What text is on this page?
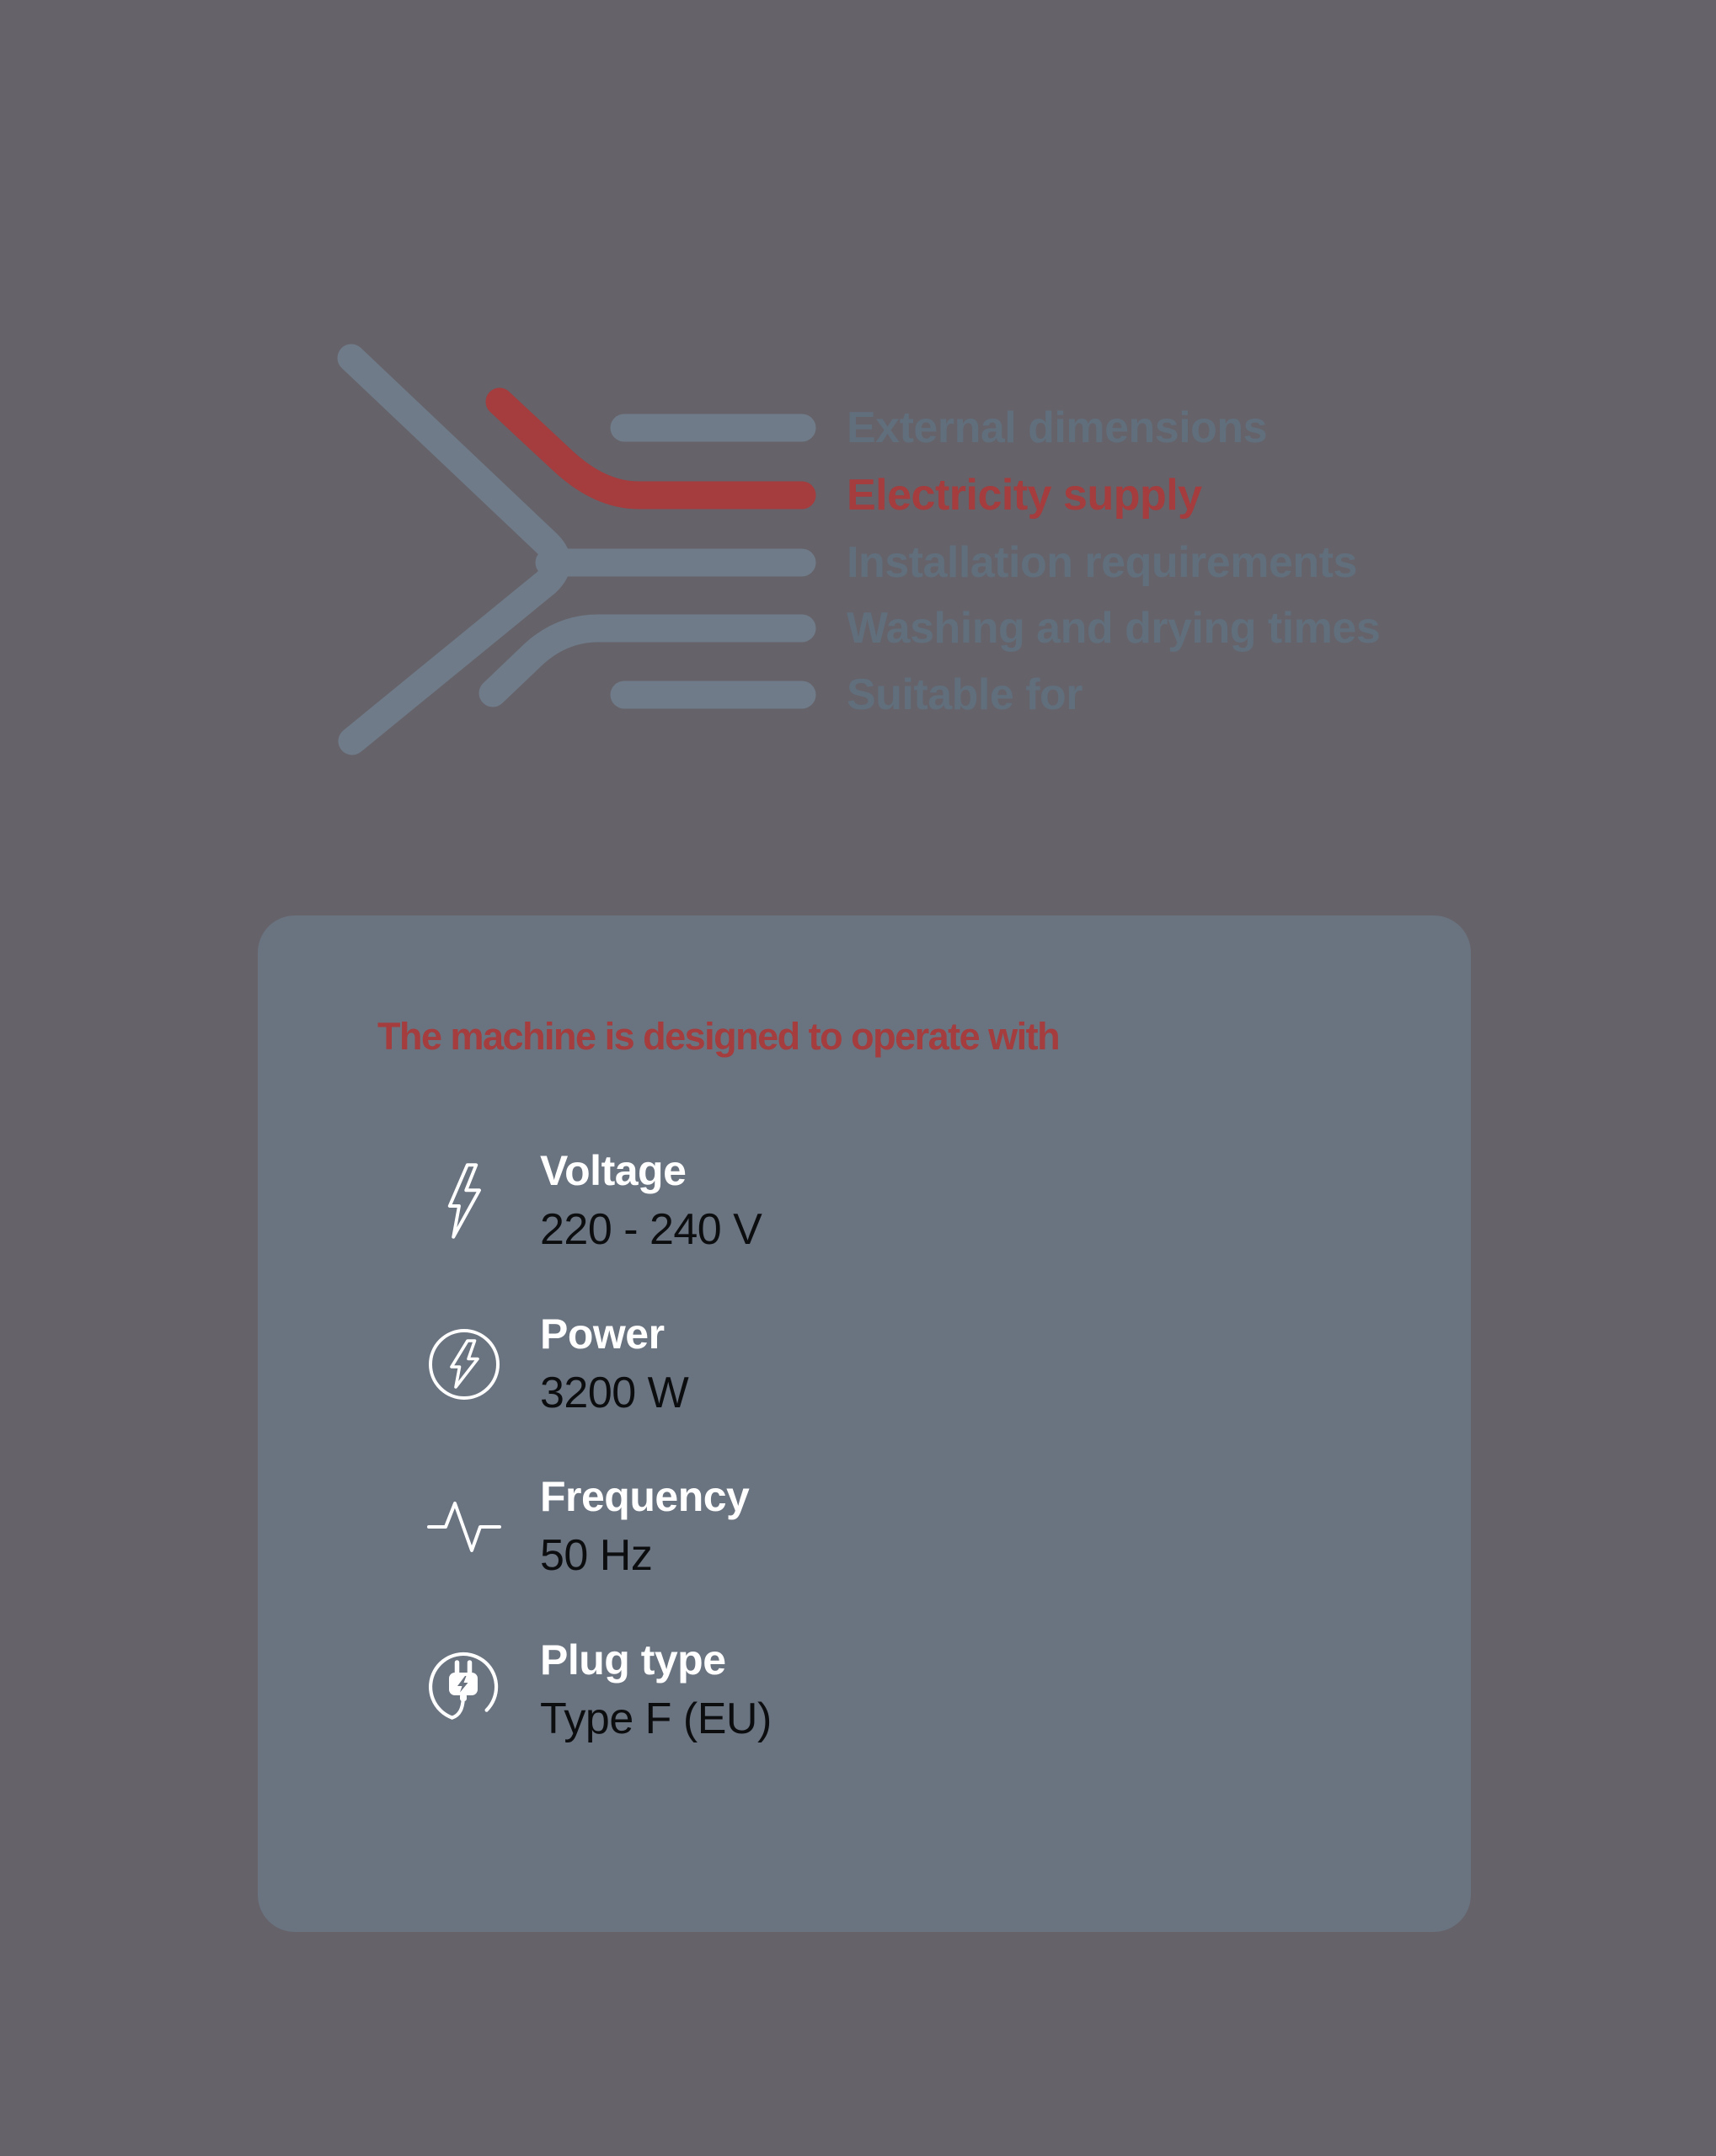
External dimensions
Electricity supply
Installation requirements
Washing and drying times
Suitable for
The machine is designed to operate with
Voltage
220 - 240 V
Power
3200 W
Frequency
50 Hz
Plug type
Type F (EU)
